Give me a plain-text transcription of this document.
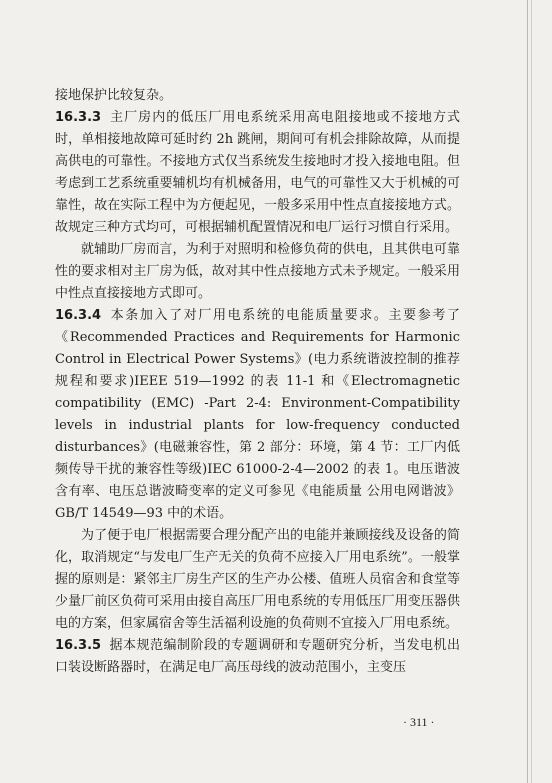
接地保护比较复杂。

16.3.3 主厂房内的低压厂用电系统采用高电阻接地或不接地方式时，单相接地故障可延时约 2h 跳闸，期间可有机会排除故障，从而提高供电的可靠性。不接地方式仅当系统发生接地时才投入接地电阻。但考虑到工艺系统重要辅机均有机械备用，电气的可靠性又大于机械的可靠性，故在实际工程中为方便起见，一般多采用中性点直接接地方式。故规定三种方式均可，可根据辅机配置情况和电厂运行习惯自行采用。

就辅助厂房而言，为利于对照明和检修负荷的供电，且其供电可靠性的要求相对主厂房为低，故对其中性点接地方式未予规定。一般采用中性点直接接地方式即可。

16.3.4 本条加入了对厂用电系统的电能质量要求。主要参考了《Recommended Practices and Requirements for Harmonic Control in Electrical Power Systems》(电力系统谐波控制的推荐规程和要求)IEEE 519—1992 的表 11-1 和《Electromagnetic compatibility (EMC) -Part 2-4: Environment-Compatibility levels in industrial plants for low-frequency conducted disturbances》(电磁兼容性，第 2 部分：环境，第 4 节：工厂内低频传导干扰的兼容性等级)IEC 61000-2-4—2002 的表 1。电压谐波含有率、电压总谐波畸变率的定义可参见《电能质量 公用电网谐波》GB/T 14549—93 中的术语。

为了便于电厂根据需要合理分配产出的电能并兼顾接线及设备的简化，取消规定“与发电厂生产无关的负荷不应接入厂用电系统”。一般掌握的原则是：紧邻主厂房生产区的生产办公楼、值班人员宿舍和食堂等少量厂前区负荷可采用由接自高压厂用电系统的专用低压厂用变压器供电的方案，但家属宿舍等生活福利设施的负荷则不宜接入厂用电系统。

16.3.5 据本规范编制阶段的专题调研和专题研究分析，当发电机出口装设断路器时，在满足电厂高压母线的波动范围小，主变压

· 311 ·
